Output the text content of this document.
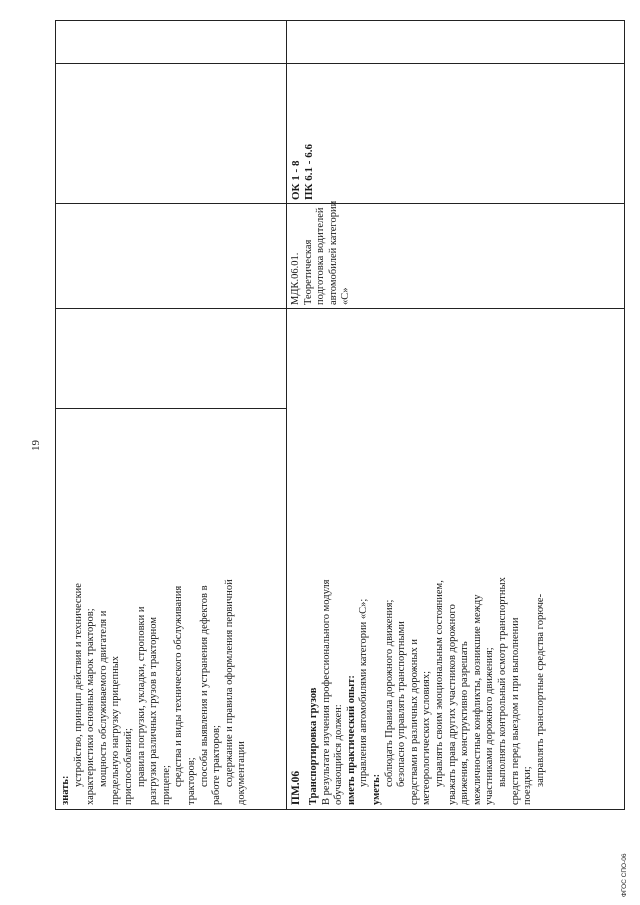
19

знать:

устройство, принцип действия и технические характеристики основных марок тракторов; мощность обслуживаемого двигателя и предельную нагрузку прицепных приспособлений; правила погрузки, укладки, строповки и разгрузки различных грузов в тракторном прицепе; средства и виды технического обслуживания тракторов; способы выявления и устранения дефектов в работе тракторов; содержание и правила оформления первичной документации	ПМ.06 Транспортировка грузов В результате изучения профессионального модуля обучающийся должен: иметь практический опыт: управления автомобилями категории «С»;

уметь:

соблюдать Правила дорожного движения; безопасно управлять транспортными средствами в различных дорожных и метеорологических условиях; управлять своим эмоциональным состоянием, уважать права других участников дорожного движения, конструктивно разрешать межличностные конфликты, возникшие между участниками дорожного движения; выполнять контрольный осмотр транспортных средств перед выездом и при выполнении поездки; заправлять транспортные средства горюче-

МДК.06.01. Теоретическая подготовка водителей автомобилей категории «С»

ОК 1 - 8 ПК 6.1 - 6.6

ФГОС СПО-06
